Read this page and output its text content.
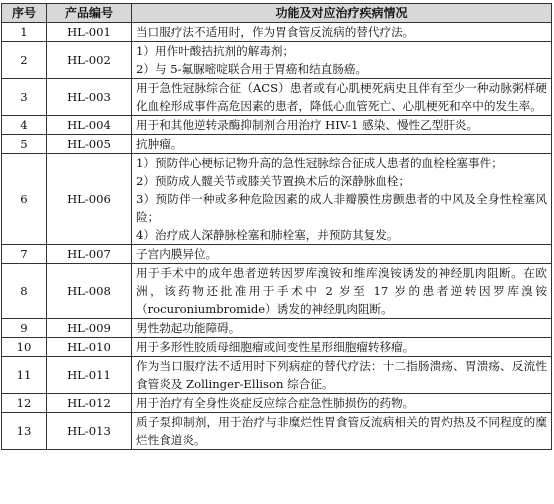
序号	产品编号	功能及对应治疗疾病情况
1	HL-001	当口服疗法不适用时，作为胃食管反流病的替代疗法。

2	HL-002	1）用作叶酸拮抗剂的解毒剂；
2）与 5-氟脲嘧啶联合用于胃癌和结直肠癌。

3	HL-003	用于急性冠脉综合征（ACS）患者或有心肌梗死病史且伴有至少一种动脉粥样硬化血栓形成事件高危因素的患者，降低心血管死亡、心肌梗死和卒中的发生率。

4	HL-004	用于和其他逆转录酶抑制剂合用治疗 HIV-1 感染、慢性乙型肝炎。

5	HL-005	抗肿瘤。

6	HL-006	1）预防伴心梗标记物升高的急性冠脉综合征成人患者的血栓栓塞事件；
2）预防成人髋关节或膝关节置换术后的深静脉血栓；
3）预防伴一种或多种危险因素的成人非瓣膜性房颤患者的中风及全身性栓塞风险；
4）治疗成人深静脉栓塞和肺栓塞，并预防其复发。

7	HL-007	子宫内膜异位。

8	HL-008	用于手术中的成年患者逆转因罗库溴铵和维库溴铵诱发的神经肌肉阻断。在欧洲，该药物还批准用于手术中 2 岁至 17 岁的患者逆转因罗库溴铵（rocuroniumbromide）诱发的神经肌肉阻断。

9	HL-009	男性勃起功能障碍。

10	HL-010	用于多形性胶质母细胞瘤或间变性星形细胞瘤转移瘤。

11	HL-011	作为当口服疗法不适用时下列病症的替代疗法：十二指肠溃疡、胃溃疡、反流性食管炎及 Zollinger-Ellison 综合征。

12	HL-012	用于治疗有全身性炎症反应综合症急性肺损伤的药物。

13	HL-013	质子泵抑制剂，用于治疗与非糜烂性胃食管反流病相关的胃灼热及不同程度的糜烂性食道炎。
